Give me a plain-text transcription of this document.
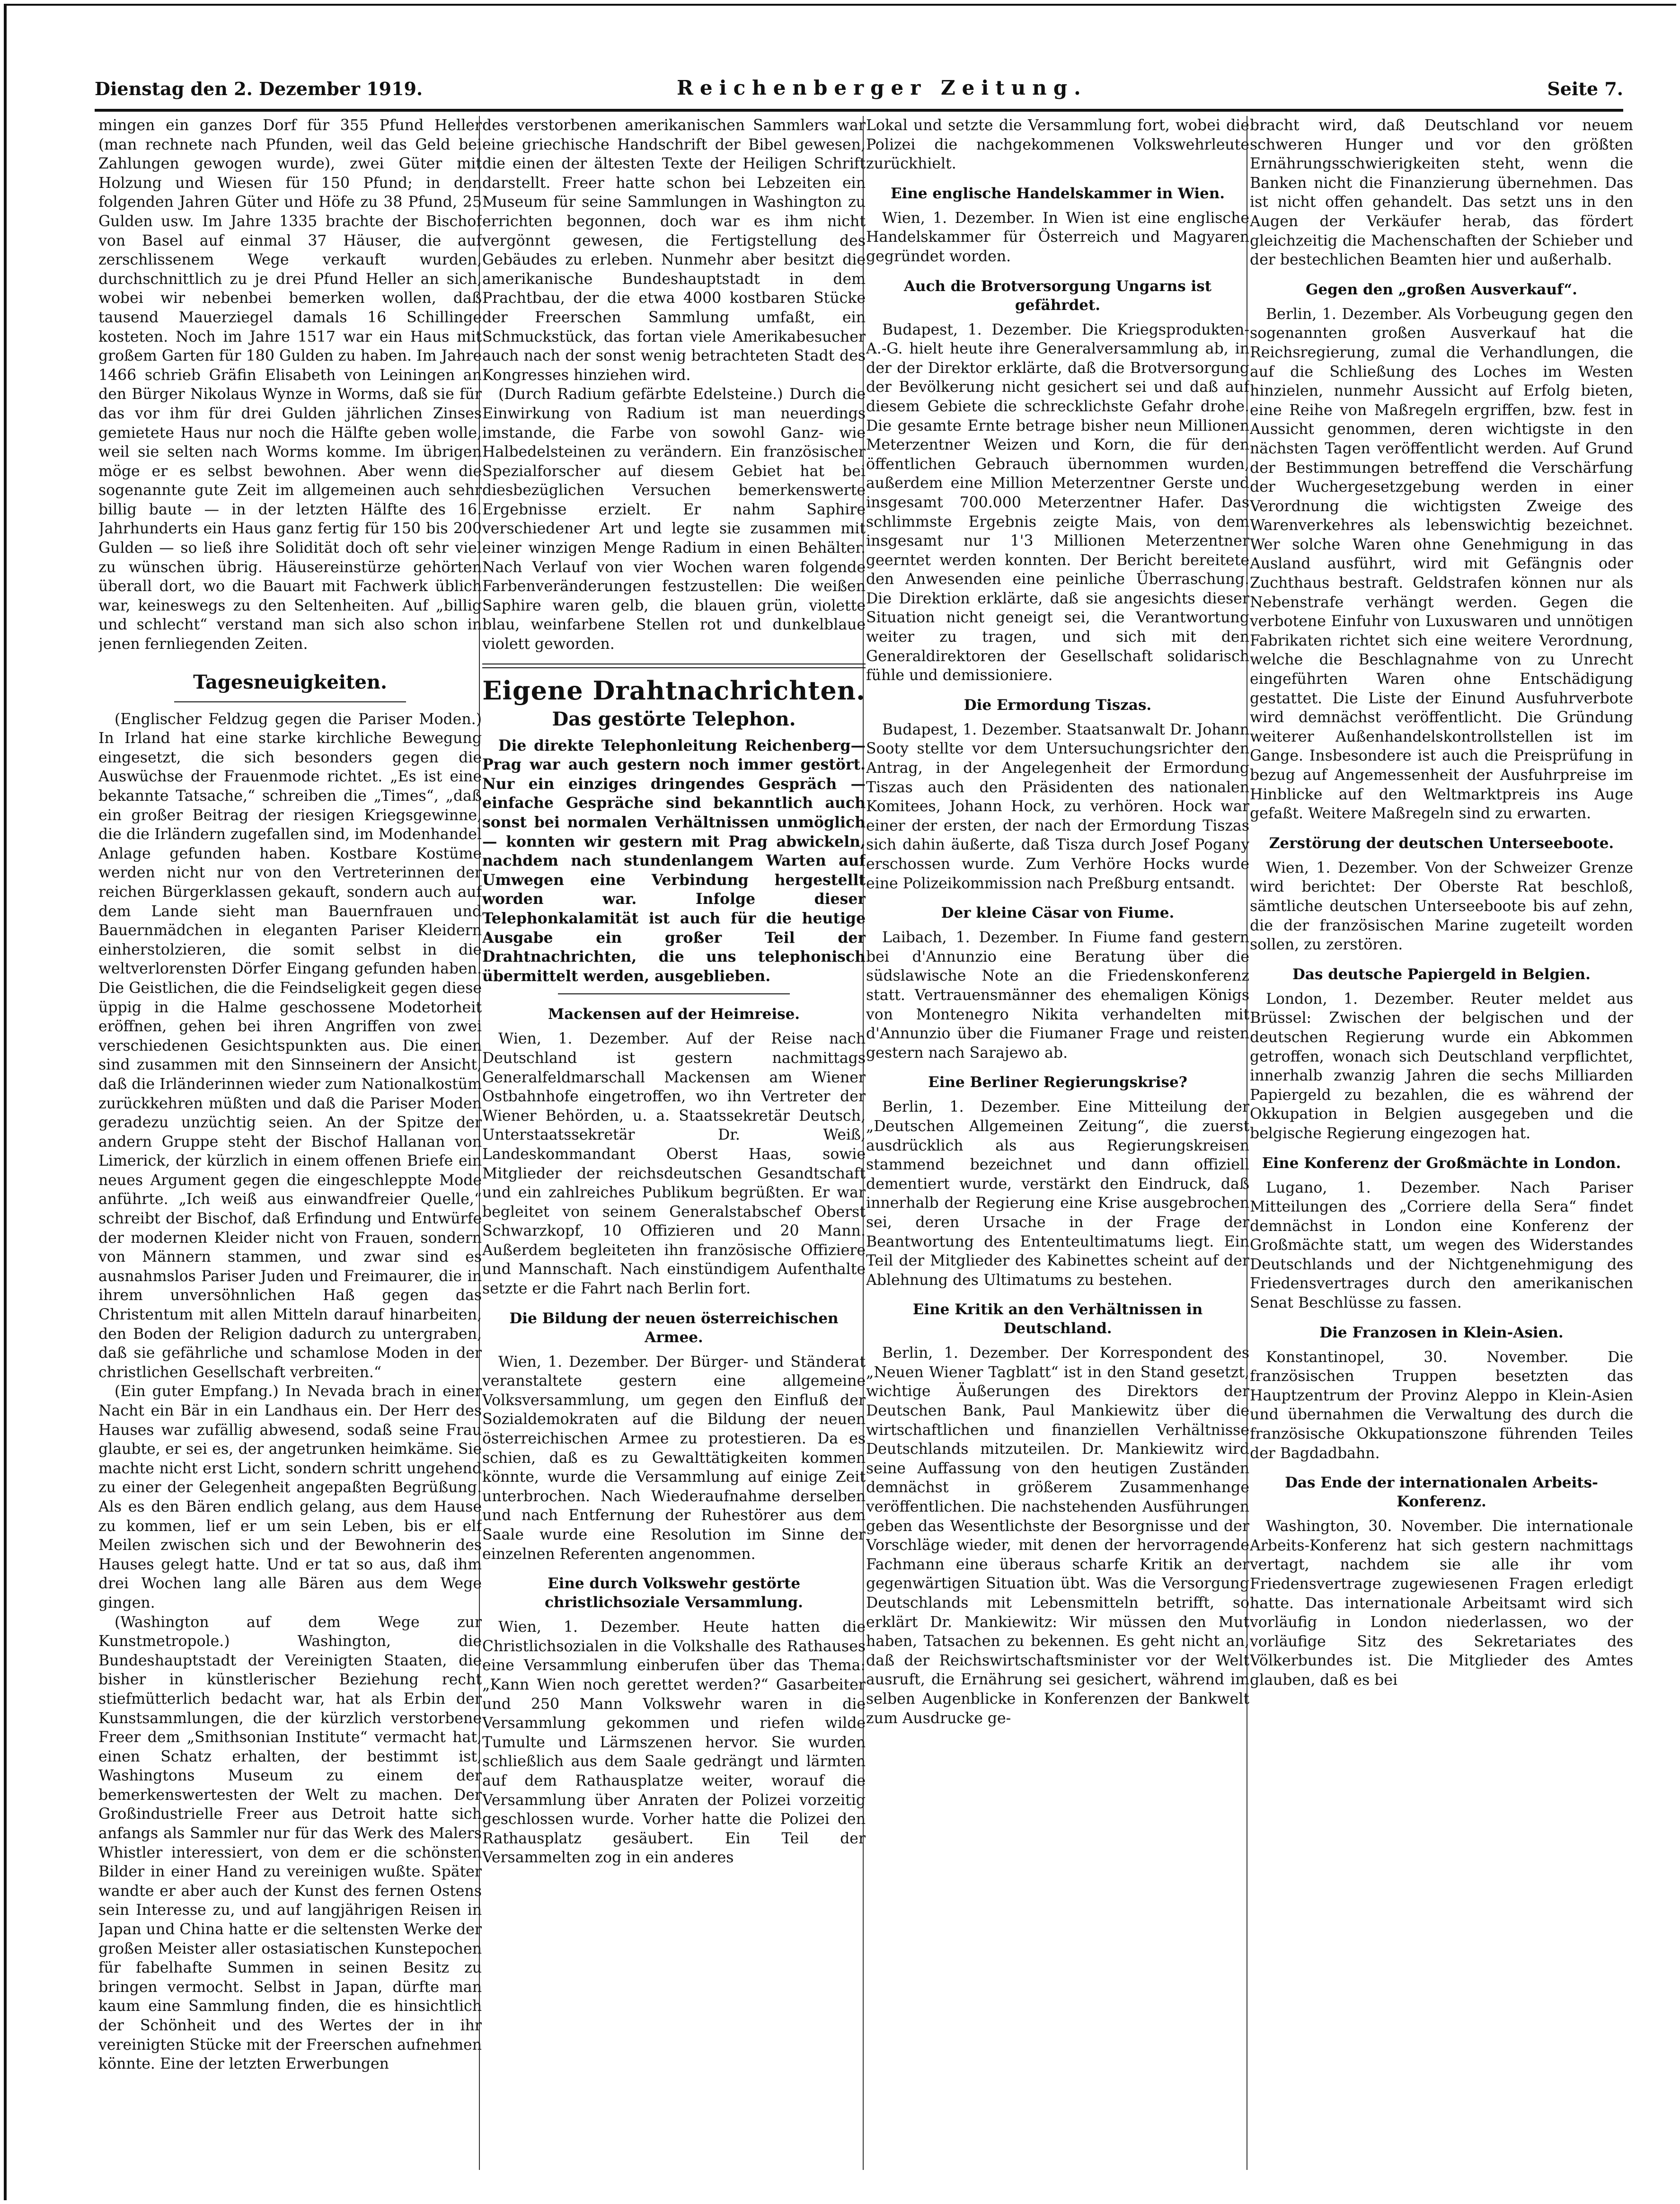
Dienstag den 2. Dezember 1919.	Reichenberger Zeitung.	Seite 7.

mingen ein ganzes Dorf für 355 Pfund Heller (man rechnete nach Pfunden, weil das Geld bei Zahlungen gewogen wurde), zwei Güter mit Holzung und Wiesen für 150 Pfund; in den folgenden Jahren Güter und Höfe zu 38 Pfund, 25 Gulden usw. Im Jahre 1335 brachte der Bischof von Basel auf einmal 37 Häuser, die auf zerschlissenem Wege verkauft wurden, durchschnittlich zu je drei Pfund Heller an sich, wobei wir nebenbei bemerken wollen, daß tausend Mauerziegel damals 16 Schillinge kosteten. Noch im Jahre 1517 war ein Haus mit großem Garten für 180 Gulden zu haben. Im Jahre 1466 schrieb Gräfin Elisabeth von Leiningen an den Bürger Nikolaus Wynze in Worms, daß sie für das vor ihm für drei Gulden jährlichen Zinses gemietete Haus nur noch die Hälfte geben wolle, weil sie selten nach Worms komme. Im übrigen möge er es selbst bewohnen. Aber wenn die sogenannte gute Zeit im allgemeinen auch sehr billig baute — in der letzten Hälfte des 16. Jahrhunderts ein Haus ganz fertig für 150 bis 200 Gulden — so ließ ihre Solidität doch oft sehr viel zu wünschen übrig. Häusereinstürze gehörten überall dort, wo die Bauart mit Fachwerk üblich war, keineswegs zu den Seltenheiten. Auf „billig und schlecht“ verstand man sich also schon in jenen fernliegenden Zeiten.

Tagesneuigkeiten.

(Englischer Feldzug gegen die Pariser Moden.) In Irland hat eine starke kirchliche Bewegung eingesetzt, die sich besonders gegen die Auswüchse der Frauenmode richtet. „Es ist eine bekannte Tatsache,“ schreiben die „Times“, „daß ein großer Beitrag der riesigen Kriegsgewinne, die die Irländern zugefallen sind, im Modenhandel Anlage gefunden haben. Kostbare Kostüme werden nicht nur von den Vertreterinnen der reichen Bürgerklassen gekauft, sondern auch auf dem Lande sieht man Bauernfrauen und Bauernmädchen in eleganten Pariser Kleidern einherstolzieren, die somit selbst in die weltverlorensten Dörfer Eingang gefunden haben. Die Geistlichen, die die Feindseligkeit gegen diese üppig in die Halme geschossene Modetorheit eröffnen, gehen bei ihren Angriffen von zwei verschiedenen Gesichtspunkten aus. Die einen sind zusammen mit den Sinnseinern der Ansicht, daß die Irländerinnen wieder zum Nationalkostüm zurückkehren müßten und daß die Pariser Moden geradezu unzüchtig seien. An der Spitze der andern Gruppe steht der Bischof Hallanan von Limerick, der kürzlich in einem offenen Briefe ein neues Argument gegen die eingeschleppte Mode anführte. „Ich weiß aus einwandfreier Quelle,“ schreibt der Bischof, daß Erfindung und Entwürfe der modernen Kleider nicht von Frauen, sondern von Männern stammen, und zwar sind es ausnahmslos Pariser Juden und Freimaurer, die in ihrem unversöhnlichen Haß gegen das Christentum mit allen Mitteln darauf hinarbeiten, den Boden der Religion dadurch zu untergraben, daß sie gefährliche und schamlose Moden in der christlichen Gesellschaft verbreiten.“

(Ein guter Empfang.) In Nevada brach in einer Nacht ein Bär in ein Landhaus ein. Der Herr des Hauses war zufällig abwesend, sodaß seine Frau glaubte, er sei es, der angetrunken heimkäme. Sie machte nicht erst Licht, sondern schritt ungehend zu einer der Gelegenheit angepaßten Begrüßung. Als es den Bären endlich gelang, aus dem Hause zu kommen, lief er um sein Leben, bis er elf Meilen zwischen sich und der Bewohnerin des Hauses gelegt hatte. Und er tat so aus, daß ihm drei Wochen lang alle Bären aus dem Wege gingen.

(Washington auf dem Wege zur Kunstmetropole.) Washington, die Bundeshauptstadt der Vereinigten Staaten, die bisher in künstlerischer Beziehung recht stiefmütterlich bedacht war, hat als Erbin der Kunstsammlungen, die der kürzlich verstorbene Freer dem „Smithsonian Institute“ vermacht hat, einen Schatz erhalten, der bestimmt ist, Washingtons Museum zu einem der bemerkenswertesten der Welt zu machen. Der Großindustrielle Freer aus Detroit hatte sich anfangs als Sammler nur für das Werk des Malers Whistler interessiert, von dem er die schönsten Bilder in einer Hand zu vereinigen wußte. Später wandte er aber auch der Kunst des fernen Ostens sein Interesse zu, und auf langjährigen Reisen in Japan und China hatte er die seltensten Werke der großen Meister aller ostasiatischen Kunstepochen für fabelhafte Summen in seinen Besitz zu bringen vermocht. Selbst in Japan, dürfte man kaum eine Sammlung finden, die es hinsichtlich der Schönheit und des Wertes der in ihr vereinigten Stücke mit der Freerschen aufnehmen könnte. Eine der letzten Erwerbungen

des verstorbenen amerikanischen Sammlers war eine griechische Handschrift der Bibel gewesen, die einen der ältesten Texte der Heiligen Schrift darstellt. Freer hatte schon bei Lebzeiten ein Museum für seine Sammlungen in Washington zu errichten begonnen, doch war es ihm nicht vergönnt gewesen, die Fertigstellung des Gebäudes zu erleben. Nunmehr aber besitzt die amerikanische Bundeshauptstadt in dem Prachtbau, der die etwa 4000 kostbaren Stücke der Freerschen Sammlung umfaßt, ein Schmuckstück, das fortan viele Amerikabesucher auch nach der sonst wenig betrachteten Stadt des Kongresses hinziehen wird.

(Durch Radium gefärbte Edelsteine.) Durch die Einwirkung von Radium ist man neuerdings imstande, die Farbe von sowohl Ganz- wie Halbedelsteinen zu verändern. Ein französischer Spezialforscher auf diesem Gebiet hat bei diesbezüglichen Versuchen bemerkenswerte Ergebnisse erzielt. Er nahm Saphire verschiedener Art und legte sie zusammen mit einer winzigen Menge Radium in einen Behälter. Nach Verlauf von vier Wochen waren folgende Farbenveränderungen festzustellen: Die weißen Saphire waren gelb, die blauen grün, violette blau, weinfarbene Stellen rot und dunkelblaue violett geworden.

Eigene Drahtnachrichten.
Das gestörte Telephon.

Die direkte Telephonleitung Reichenberg—Prag war auch gestern noch immer gestört. Nur ein einziges dringendes Gespräch — einfache Gespräche sind bekanntlich auch sonst bei normalen Verhältnissen unmöglich — konnten wir gestern mit Prag abwickeln, nachdem nach stundenlangem Warten auf Umwegen eine Verbindung hergestellt worden war. Infolge dieser Telephonkalamität ist auch für die heutige Ausgabe ein großer Teil der Drahtnachrichten, die uns telephonisch übermittelt werden, ausgeblieben.

Mackensen auf der Heimreise.

Wien, 1. Dezember. Auf der Reise nach Deutschland ist gestern nachmittags Generalfeldmarschall Mackensen am Wiener Ostbahnhofe eingetroffen, wo ihn Vertreter der Wiener Behörden, u. a. Staatssekretär Deutsch, Unterstaatssekretär Dr. Weiß, Landeskommandant Oberst Haas, sowie Mitglieder der reichsdeutschen Gesandtschaft und ein zahlreiches Publikum begrüßten. Er war begleitet von seinem Generalstabschef Oberst Schwarzkopf, 10 Offizieren und 20 Mann. Außerdem begleiteten ihn französische Offiziere und Mannschaft. Nach einstündigem Aufenthalte setzte er die Fahrt nach Berlin fort.

Die Bildung der neuen österreichischen Armee.

Wien, 1. Dezember. Der Bürger- und Ständerat veranstaltete gestern eine allgemeine Volksversammlung, um gegen den Einfluß der Sozialdemokraten auf die Bildung der neuen österreichischen Armee zu protestieren. Da es schien, daß es zu Gewalttätigkeiten kommen könnte, wurde die Versammlung auf einige Zeit unterbrochen. Nach Wiederaufnahme derselben und nach Entfernung der Ruhestörer aus dem Saale wurde eine Resolution im Sinne der einzelnen Referenten angenommen.

Eine durch Volkswehr gestörte christlichsoziale Versammlung.

Wien, 1. Dezember. Heute hatten die Christlichsozialen in die Volkshalle des Rathauses eine Versammlung einberufen über das Thema: „Kann Wien noch gerettet werden?“ Gasarbeiter und 250 Mann Volkswehr waren in die Versammlung gekommen und riefen wilde Tumulte und Lärmszenen hervor. Sie wurden schließlich aus dem Saale gedrängt und lärmten auf dem Rathausplatze weiter, worauf die Versammlung über Anraten der Polizei vorzeitig geschlossen wurde. Vorher hatte die Polizei den Rathausplatz gesäubert. Ein Teil der Versammelten zog in ein anderes

Lokal und setzte die Versammlung fort, wobei die Polizei die nachgekommenen Volkswehrleute zurückhielt.

Eine englische Handelskammer in Wien.

Wien, 1. Dezember. In Wien ist eine englische Handelskammer für Österreich und Magyaren gegründet worden.

Auch die Brotversorgung Ungarns ist gefährdet.

Budapest, 1. Dezember. Die Kriegsprodukten-A.-G. hielt heute ihre Generalversammlung ab, in der der Direktor erklärte, daß die Brotversorgung der Bevölkerung nicht gesichert sei und daß auf diesem Gebiete die schrecklichste Gefahr drohe. Die gesamte Ernte betrage bisher neun Millionen Meterzentner Weizen und Korn, die für den öffentlichen Gebrauch übernommen wurden, außerdem eine Million Meterzentner Gerste und insgesamt 700.000 Meterzentner Hafer. Das schlimmste Ergebnis zeigte Mais, von dem insgesamt nur 1'3 Millionen Meterzentner geerntet werden konnten. Der Bericht bereitete den Anwesenden eine peinliche Überraschung. Die Direktion erklärte, daß sie angesichts dieser Situation nicht geneigt sei, die Verantwortung weiter zu tragen, und sich mit den Generaldirektoren der Gesellschaft solidarisch fühle und demissioniere.

Die Ermordung Tiszas.

Budapest, 1. Dezember. Staatsanwalt Dr. Johann Sooty stellte vor dem Untersuchungsrichter den Antrag, in der Angelegenheit der Ermordung Tiszas auch den Präsidenten des nationalen Komitees, Johann Hock, zu verhören. Hock war einer der ersten, der nach der Ermordung Tiszas sich dahin äußerte, daß Tisza durch Josef Pogany erschossen wurde. Zum Verhöre Hocks wurde eine Polizeikommission nach Preßburg entsandt.

Der kleine Cäsar von Fiume.

Laibach, 1. Dezember. In Fiume fand gestern bei d'Annunzio eine Beratung über die südslawische Note an die Friedenskonferenz statt. Vertrauensmänner des ehemaligen Königs von Montenegro Nikita verhandelten mit d'Annunzio über die Fiumaner Frage und reisten gestern nach Sarajewo ab.

Eine Berliner Regierungskrise?

Berlin, 1. Dezember. Eine Mitteilung der „Deutschen Allgemeinen Zeitung“, die zuerst ausdrücklich als aus Regierungskreisen stammend bezeichnet und dann offiziell dementiert wurde, verstärkt den Eindruck, daß innerhalb der Regierung eine Krise ausgebrochen sei, deren Ursache in der Frage der Beantwortung des Ententeultimatums liegt. Ein Teil der Mitglieder des Kabinettes scheint auf der Ablehnung des Ultimatums zu bestehen.

Eine Kritik an den Verhältnissen in Deutschland.

Berlin, 1. Dezember. Der Korrespondent des „Neuen Wiener Tagblatt“ ist in den Stand gesetzt, wichtige Äußerungen des Direktors der Deutschen Bank, Paul Mankiewitz über die wirtschaftlichen und finanziellen Verhältnisse Deutschlands mitzuteilen. Dr. Mankiewitz wird seine Auffassung von den heutigen Zuständen demnächst in größerem Zusammenhange veröffentlichen. Die nachstehenden Ausführungen geben das Wesentlichste der Besorgnisse und der Vorschläge wieder, mit denen der hervorragende Fachmann eine überaus scharfe Kritik an der gegenwärtigen Situation übt. Was die Versorgung Deutschlands mit Lebensmitteln betrifft, so erklärt Dr. Mankiewitz: Wir müssen den Mut haben, Tatsachen zu bekennen. Es geht nicht an, daß der Reichswirtschaftsminister vor der Welt ausruft, die Ernährung sei gesichert, während im selben Augenblicke in Konferenzen der Bankwelt zum Ausdrucke ge-

bracht wird, daß Deutschland vor neuem schweren Hunger und vor den größten Ernährungsschwierigkeiten steht, wenn die Banken nicht die Finanzierung übernehmen. Das ist nicht offen gehandelt. Das setzt uns in den Augen der Verkäufer herab, das fördert gleichzeitig die Machenschaften der Schieber und der bestechlichen Beamten hier und außerhalb.

Gegen den „großen Ausverkauf“.

Berlin, 1. Dezember. Als Vorbeugung gegen den sogenannten großen Ausverkauf hat die Reichsregierung, zumal die Verhandlungen, die auf die Schließung des Loches im Westen hinzielen, nunmehr Aussicht auf Erfolg bieten, eine Reihe von Maßregeln ergriffen, bzw. fest in Aussicht genommen, deren wichtigste in den nächsten Tagen veröffentlicht werden. Auf Grund der Bestimmungen betreffend die Verschärfung der Wuchergesetzgebung werden in einer Verordnung die wichtigsten Zweige des Warenverkehres als lebenswichtig bezeichnet. Wer solche Waren ohne Genehmigung in das Ausland ausführt, wird mit Gefängnis oder Zuchthaus bestraft. Geldstrafen können nur als Nebenstrafe verhängt werden. Gegen die verbotene Einfuhr von Luxuswaren und unnötigen Fabrikaten richtet sich eine weitere Verordnung, welche die Beschlagnahme von zu Unrecht eingeführten Waren ohne Entschädigung gestattet. Die Liste der Einund Ausfuhrverbote wird demnächst veröffentlicht. Die Gründung weiterer Außenhandelskontrollstellen ist im Gange. Insbesondere ist auch die Preisprüfung in bezug auf Angemessenheit der Ausfuhrpreise im Hinblicke auf den Weltmarktpreis ins Auge gefaßt. Weitere Maßregeln sind zu erwarten.

Zerstörung der deutschen Unterseeboote.

Wien, 1. Dezember. Von der Schweizer Grenze wird berichtet: Der Oberste Rat beschloß, sämtliche deutschen Unterseeboote bis auf zehn, die der französischen Marine zugeteilt worden sollen, zu zerstören.

Das deutsche Papiergeld in Belgien.

London, 1. Dezember. Reuter meldet aus Brüssel: Zwischen der belgischen und der deutschen Regierung wurde ein Abkommen getroffen, wonach sich Deutschland verpflichtet, innerhalb zwanzig Jahren die sechs Milliarden Papiergeld zu bezahlen, die es während der Okkupation in Belgien ausgegeben und die belgische Regierung eingezogen hat.

Eine Konferenz der Großmächte in London.

Lugano, 1. Dezember. Nach Pariser Mitteilungen des „Corriere della Sera“ findet demnächst in London eine Konferenz der Großmächte statt, um wegen des Widerstandes Deutschlands und der Nichtgenehmigung des Friedensvertrages durch den amerikanischen Senat Beschlüsse zu fassen.

Die Franzosen in Klein-Asien.

Konstantinopel, 30. November. Die französischen Truppen besetzten das Hauptzentrum der Provinz Aleppo in Klein-Asien und übernahmen die Verwaltung des durch die französische Okkupationszone führenden Teiles der Bagdadbahn.

Das Ende der internationalen Arbeits-Konferenz.

Washington, 30. November. Die internationale Arbeits-Konferenz hat sich gestern nachmittags vertagt, nachdem sie alle ihr vom Friedensvertrage zugewiesenen Fragen erledigt hatte. Das internationale Arbeitsamt wird sich vorläufig in London niederlassen, wo der vorläufige Sitz des Sekretariates des Völkerbundes ist. Die Mitglieder des Amtes glauben, daß es bei
